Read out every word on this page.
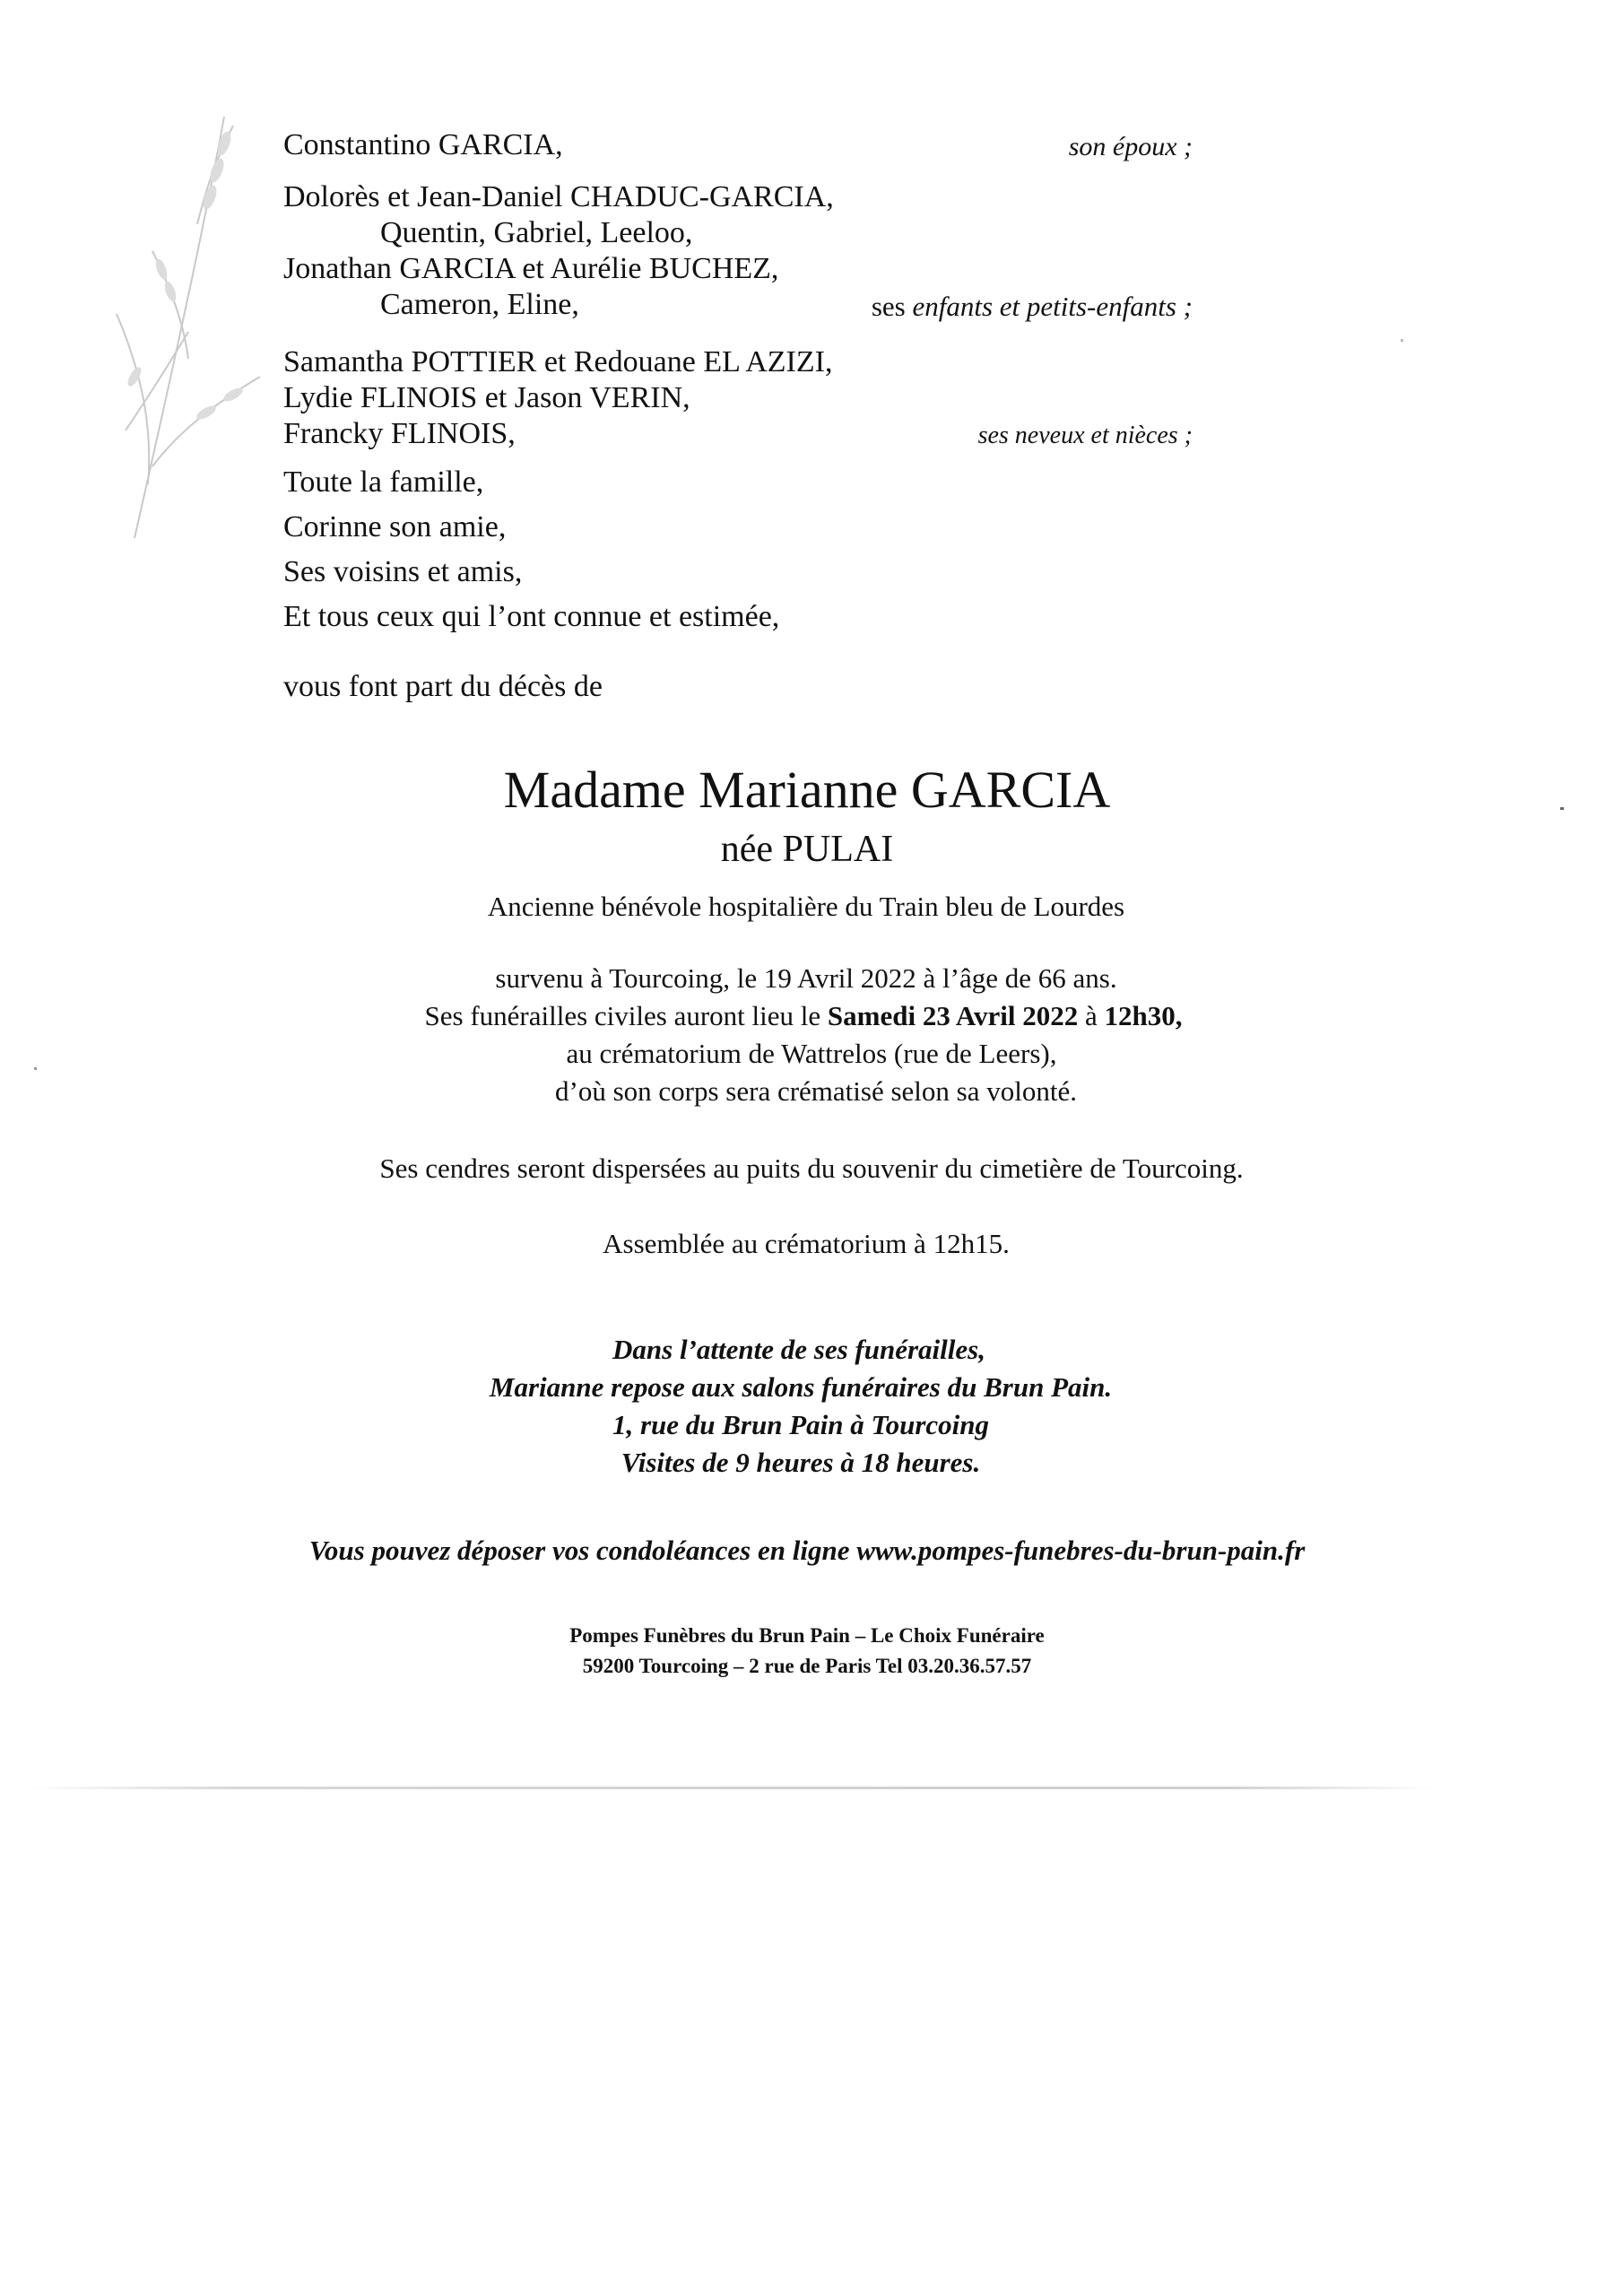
Constantino GARCIA,	son époux ;
Dolorès et Jean-Daniel CHADUC-GARCIA,
Quentin, Gabriel, Leeloo,
Jonathan GARCIA et Aurélie BUCHEZ,
Cameron, Eline,	ses enfants et petits-enfants ;
Samantha POTTIER et Redouane EL AZIZI,
Lydie FLINOIS et Jason VERIN,
Francky FLINOIS,	ses neveux et nièces ;
Toute la famille,
Corinne son amie,
Ses voisins et amis,
Et tous ceux qui l’ont connue et estimée,
vous font part du décès de
Madame Marianne GARCIA
née PULAI
Ancienne bénévole hospitalière du Train bleu de Lourdes
survenu à Tourcoing, le 19 Avril 2022 à l’âge de 66 ans.
Ses funérailles civiles auront lieu le Samedi 23 Avril 2022 à 12h30,
au crématorium de Wattrelos (rue de Leers),
d’où son corps sera crématisé selon sa volonté.
Ses cendres seront dispersées au puits du souvenir du cimetière de Tourcoing.
Assemblée au crématorium à 12h15.
Dans l’attente de ses funérailles,
Marianne repose aux salons funéraires du Brun Pain.
1, rue du Brun Pain à Tourcoing
Visites de 9 heures à 18 heures.
Vous pouvez déposer vos condoléances en ligne www.pompes-funebres-du-brun-pain.fr
Pompes Funèbres du Brun Pain – Le Choix Funéraire
59200 Tourcoing – 2 rue de Paris Tel 03.20.36.57.57
